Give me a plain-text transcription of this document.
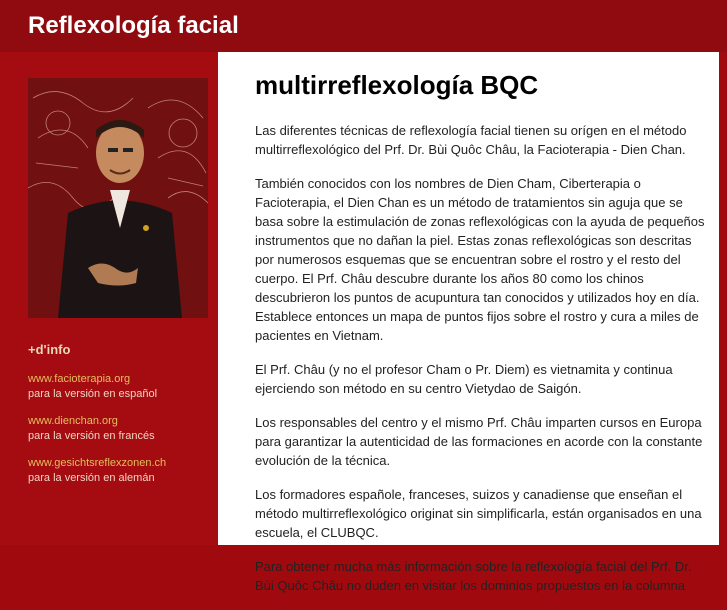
Reflexología facial
+d'info
www.facioterapia.org
para la versión en español
www.dienchan.org
para la versión en francés
www.gesichtsreflexzonen.ch
para la versión en alemán
multirreflexología BQC

Las diferentes técnicas de reflexología facial tienen su orígen en el método multirreflexológico del Prf. Dr. Bùi Quôc Châu, la Facioterapia - Dien Chan.

También conocidos con los nombres de Dien Cham, Ciberterapia o Facioterapia, el Dien Chan es un método de tratamientos sin aguja que se basa sobre la estimulación de zonas reflexológicas con la ayuda de pequeños instrumentos que no dañan la piel. Estas zonas reflexológicas son descritas por numerosos esquemas que se encuentran sobre el rostro y el resto del cuerpo. El Prf. Châu descubre durante los años 80 como los chinos descubrieron los puntos de acupuntura tan conocidos y utilizados hoy en día. Establece entonces un mapa de puntos fijos sobre el rostro y cura a miles de pacientes en Vietnam.

El Prf. Châu (y no el profesor Cham o Pr. Diem) es vietnamita y continua ejerciendo son método en su centro Vietydao de Saigón.

Los responsables del centro y el mismo Prf. Châu imparten cursos en Europa para garantizar la autenticidad de las formaciones en acorde con la constante evolución de la técnica.

Los formadores españole, franceses, suizos y canadiense que enseñan el método multirreflexológico originat sin simplificarla, están organisados en una escuela, el CLUBQC.

Para obtener mucha más información sobre la reflexología facial del Prf. Dr. Bùi Quôc Châu no duden en visitar los dominios propuestos en la columna
